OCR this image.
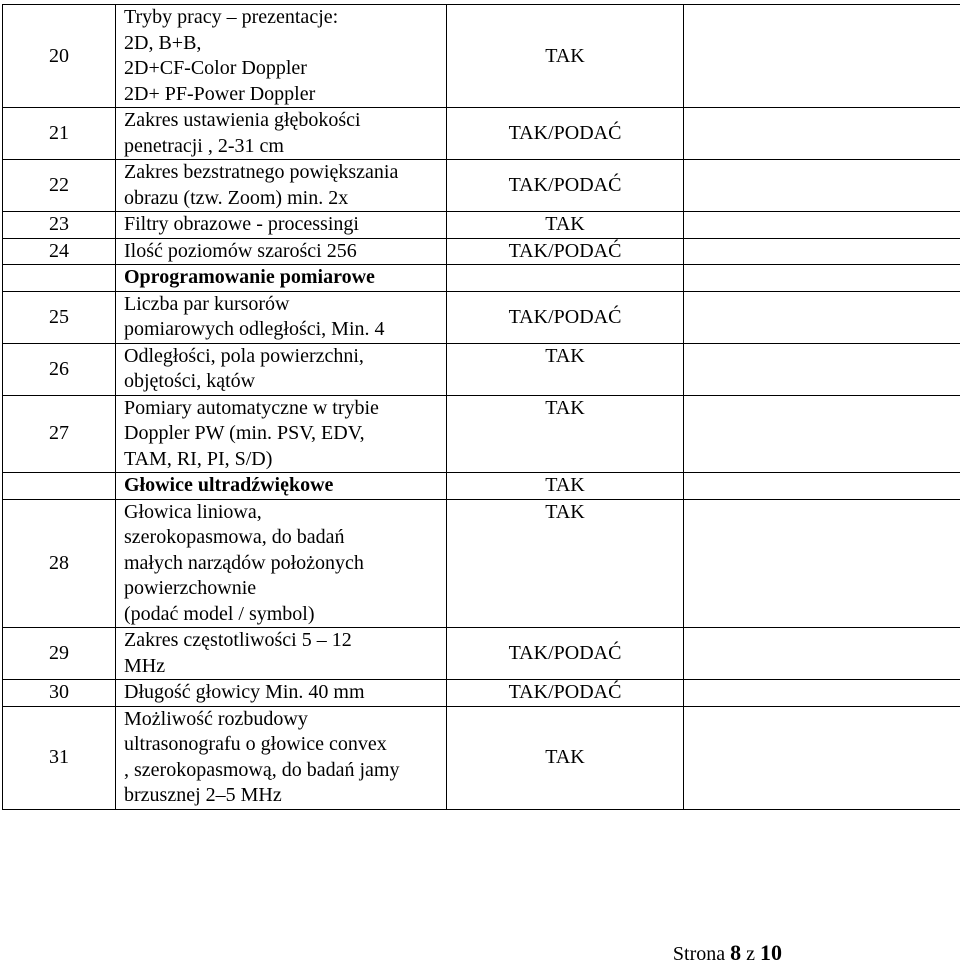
20	Tryby pracy – prezentacje:
2D, B+B,
2D+CF-Color Doppler
2D+ PF-Power Doppler	TAK	
21	Zakres ustawienia głębokości
penetracji , 2-31 cm	TAK/PODAĆ	
22	Zakres bezstratnego powiększania
obrazu (tzw. Zoom) min. 2x	TAK/PODAĆ	
23	Filtry obrazowe - processingi	TAK	
24	Ilość poziomów szarości 256	TAK/PODAĆ	

	Oprogramowanie pomiarowe		

25	Liczba par kursorów
pomiarowych odległości, Min. 4	TAK/PODAĆ	
26	Odległości, pola powierzchni,
objętości, kątów	TAK	

27	Pomiary automatyczne w trybie
Doppler PW (min. PSV, EDV,
TAM, RI, PI, S/D)	TAK	

	Głowice ultradźwiękowe	TAK	
28	Głowica liniowa,
szerokopasmowa, do badań
małych narządów położonych
powierzchownie
(podać model / symbol)	TAK	

29	Zakres częstotliwości 5 – 12
MHz	TAK/PODAĆ	
30	Długość głowicy Min. 40 mm	TAK/PODAĆ	
31	Możliwość rozbudowy
ultrasonografu o głowice convex
, szerokopasmową, do badań jamy
brzusznej 2–5 MHz	TAK	
Strona 8 z 10
